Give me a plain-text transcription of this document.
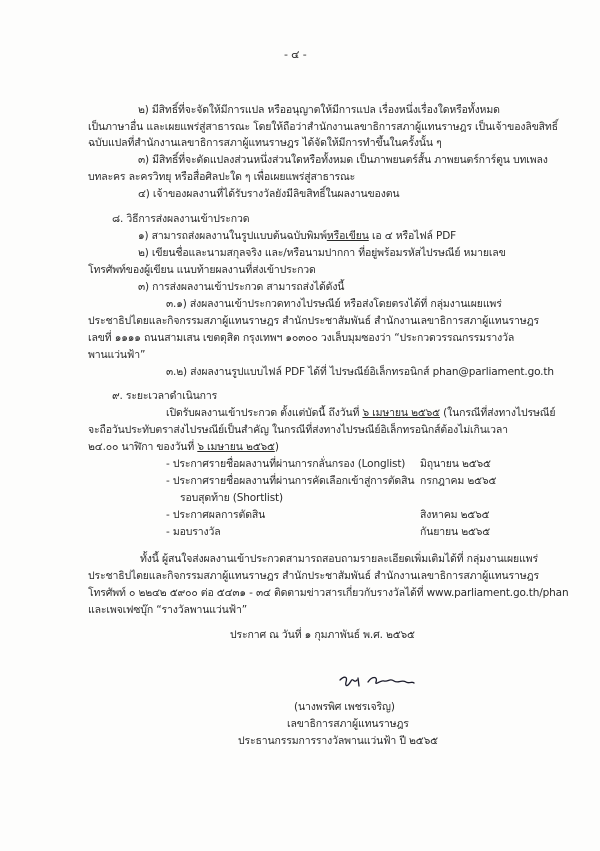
- ๔ -
๒) มีสิทธิ์ที่จะจัดให้มีการแปล หรืออนุญาตให้มีการแปล เรื่องหนึ่งเรื่องใดหรือทั้งหมด
เป็นภาษาอื่น และเผยแพร่สู่สาธารณะ โดยให้ถือว่าสำนักงานเลขาธิการสภาผู้แทนราษฎร เป็นเจ้าของลิขสิทธิ์
ฉบับแปลที่สำนักงานเลขาธิการสภาผู้แทนราษฎร ได้จัดให้มีการทำขึ้นในครั้งนั้น ๆ
๓) มีสิทธิ์ที่จะดัดแปลงส่วนหนึ่งส่วนใดหรือทั้งหมด เป็นภาพยนตร์สั้น ภาพยนตร์การ์ตูน บทเพลง
บทละคร ละครวิทยุ หรือสื่อศิลปะใด ๆ เพื่อเผยแพร่สู่สาธารณะ
๔) เจ้าของผลงานที่ได้รับรางวัลยังมีลิขสิทธิ์ในผลงานของตน
๘. วิธีการส่งผลงานเข้าประกวด
๑) สามารถส่งผลงานในรูปแบบต้นฉบับพิมพ์หรือเขียน เอ ๔ หรือไฟล์ PDF
๒) เขียนชื่อและนามสกุลจริง และ/หรือนามปากกา ที่อยู่พร้อมรหัสไปรษณีย์ หมายเลข
โทรศัพท์ของผู้เขียน แนบท้ายผลงานที่ส่งเข้าประกวด
๓) การส่งผลงานเข้าประกวด สามารถส่งได้ดังนี้
๓.๑) ส่งผลงานเข้าประกวดทางไปรษณีย์ หรือส่งโดยตรงได้ที่ กลุ่มงานเผยแพร่
ประชาธิปไตยและกิจกรรมสภาผู้แทนราษฎร สำนักประชาสัมพันธ์ สำนักงานเลขาธิการสภาผู้แทนราษฎร
เลขที่ ๑๑๑๑ ถนนสามเสน เขตดุสิต กรุงเทพฯ ๑๐๓๐๐ วงเล็บมุมซองว่า “ประกวดวรรณกรรมรางวัล
พานแว่นฟ้า”
๓.๒) ส่งผลงานรูปแบบไฟล์ PDF ได้ที่ ไปรษณีย์อิเล็กทรอนิกส์ phan@parliament.go.th
๙. ระยะเวลาดำเนินการ
เปิดรับผลงานเข้าประกวด ตั้งแต่บัดนี้ ถึงวันที่ ๖ เมษายน ๒๕๖๕ (ในกรณีที่ส่งทางไปรษณีย์
จะถือวันประทับตราส่งไปรษณีย์เป็นสำคัญ ในกรณีที่ส่งทางไปรษณีย์อิเล็กทรอนิกส์ต้องไม่เกินเวลา
๒๔.๐๐ นาฬิกา ของวันที่ ๖ เมษายน ๒๕๖๕)
- ประกาศรายชื่อผลงานที่ผ่านการกลั่นกรอง (Longlist) มิถุนายน ๒๕๖๕
- ประกาศรายชื่อผลงานที่ผ่านการคัดเลือกเข้าสู่การตัดสิน กรกฎาคม ๒๕๖๕
รอบสุดท้าย (Shortlist)
- ประกาศผลการตัดสิน	สิงหาคม ๒๕๖๕
- มอบรางวัล	กันยายน ๒๕๖๕
ทั้งนี้ ผู้สนใจส่งผลงานเข้าประกวดสามารถสอบถามรายละเอียดเพิ่มเติมได้ที่ กลุ่มงานเผยแพร่
ประชาธิปไตยและกิจกรรมสภาผู้แทนราษฎร สำนักประชาสัมพันธ์ สำนักงานเลขาธิการสภาผู้แทนราษฎร
โทรศัพท์ ๐ ๒๒๔๒ ๕๙๐๐ ต่อ ๕๔๓๑ - ๓๔ ติดตามข่าวสารเกี่ยวกับรางวัลได้ที่ www.parliament.go.th/phan
และเพจเฟซบุ๊ก “รางวัลพานแว่นฟ้า”
ประกาศ ณ วันที่ ๑ กุมภาพันธ์ พ.ศ. ๒๕๖๕
(นางพรพิศ เพชรเจริญ)
เลขาธิการสภาผู้แทนราษฎร
ประธานกรรมการรางวัลพานแว่นฟ้า ปี ๒๕๖๕
